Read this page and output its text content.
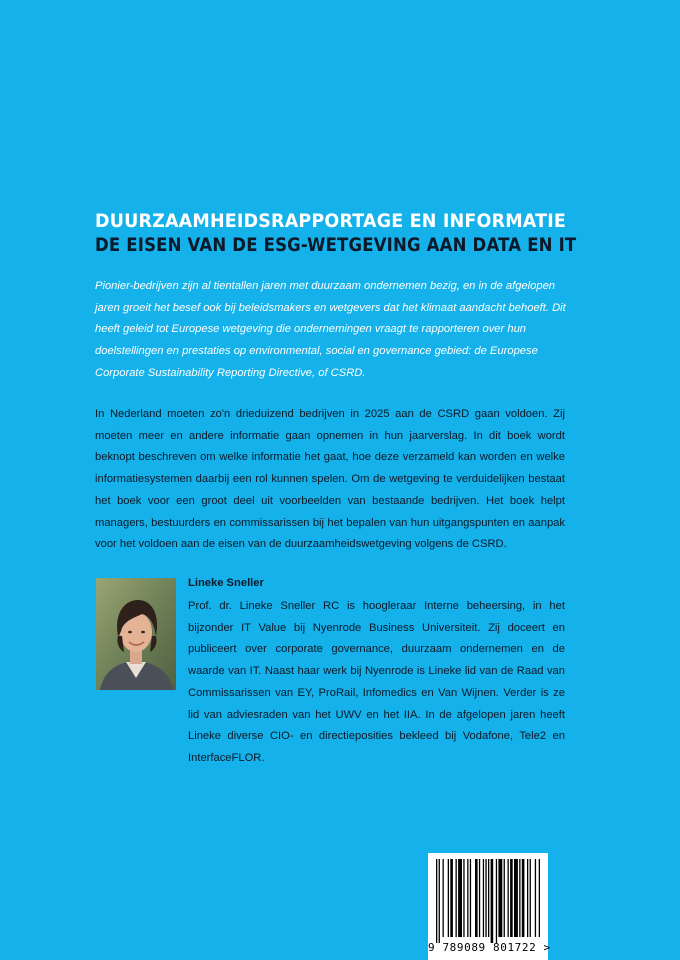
DUURZAAMHEIDSRAPPORTAGE EN INFORMATIE
DE EISEN VAN DE ESG-WETGEVING AAN DATA EN IT
Pionier-bedrijven zijn al tientallen jaren met duurzaam ondernemen bezig, en in de afgelopen jaren groeit het besef ook bij beleidsmakers en wetgevers dat het klimaat aandacht behoeft. Dit heeft geleid tot Europese wetgeving die ondernemingen vraagt te rapporteren over hun doelstellingen en prestaties op environmental, social en governance gebied: de Europese Corporate Sustainability Reporting Directive, of CSRD.
In Nederland moeten zo'n drieduizend bedrijven in 2025 aan de CSRD gaan voldoen. Zij moeten meer en andere informatie gaan opnemen in hun jaarverslag. In dit boek wordt beknopt beschreven om welke informatie het gaat, hoe deze verzameld kan worden en welke informatiesystemen daarbij een rol kunnen spelen. Om de wetgeving te verduidelijken bestaat het boek voor een groot deel uit voorbeelden van bestaande bedrijven. Het boek helpt managers, bestuurders en commissarissen bij het bepalen van hun uitgangspunten en aanpak voor het voldoen aan de eisen van de duurzaamheidswetgeving volgens de CSRD.
Lineke Sneller
Prof. dr. Lineke Sneller RC is hoogleraar Interne beheersing, in het bijzonder IT Value bij Nyenrode Business Universiteit. Zij doceert en publiceert over corporate governance, duurzaam ondernemen en de waarde van IT. Naast haar werk bij Nyenrode is Lineke lid van de Raad van Commissarissen van EY, ProRail, Infomedics en Van Wijnen. Verder is ze lid van adviesraden van het UWV en het IIA. In de afgelopen jaren heeft Lineke diverse CIO- en directieposities bekleed bij Vodafone, Tele2 en InterfaceFLOR.
9 789089 801722 >
